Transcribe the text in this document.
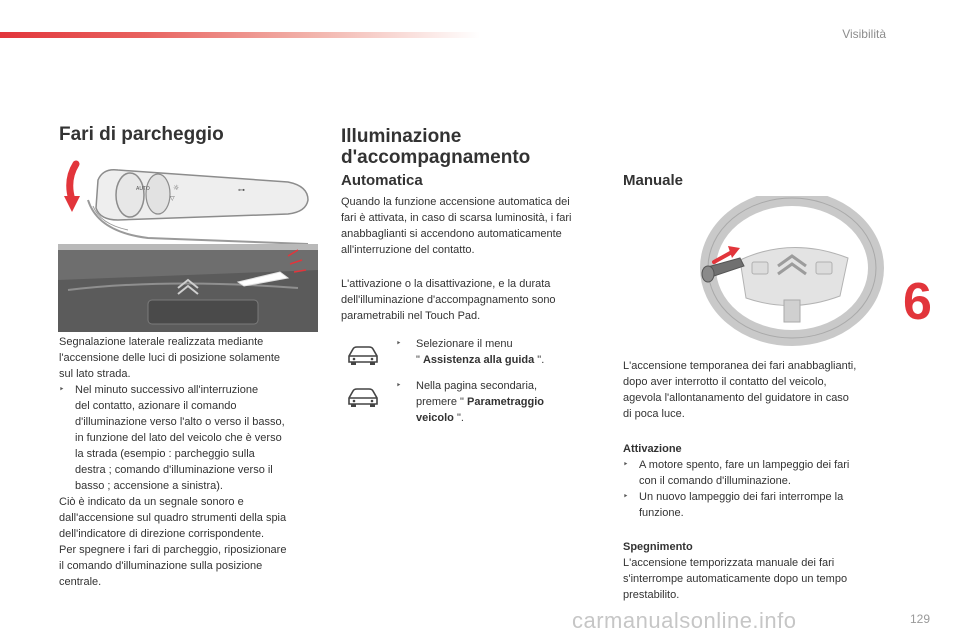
Visibilità
Fari di parcheggio
AUTO	☼
▽
⊶
Segnalazione laterale realizzata mediante
l'accensione delle luci di posizione solamente
sul lato strada.
‣ Nel minuto successivo all'interruzione
del contatto, azionare il comando
d'illuminazione verso l'alto o verso il basso,
in funzione del lato del veicolo che è verso
la strada (esempio : parcheggio sulla
destra ; comando d'illuminazione verso il
basso ; accensione a sinistra).
Ciò è indicato da un segnale sonoro e
dall'accensione sul quadro strumenti della spia
dell'indicatore di direzione corrispondente.
Per spegnere i fari di parcheggio, riposizionare
il comando d'illuminazione sulla posizione
centrale.
Illuminazione
d'accompagnamento
Automatica
Quando la funzione accensione automatica dei
fari è attivata, in caso di scarsa luminosità, i fari
anabbaglianti si accendono automaticamente
all'interruzione del contatto.
L'attivazione o la disattivazione, e la durata
dell'illuminazione d'accompagnamento sono
parametrabili nel Touch Pad.
‣ Selezionare il menu
" Assistenza alla guida ".
‣ Nella pagina secondaria,
premere " Parametraggio
veicolo ".
Manuale
6
L'accensione temporanea dei fari anabbaglianti,
dopo aver interrotto il contatto del veicolo,
agevola l'allontanamento del guidatore in caso
di poca luce.
Attivazione
‣ A motore spento, fare un lampeggio dei fari
con il comando d'illuminazione.
‣ Un nuovo lampeggio dei fari interrompe la
funzione.
Spegnimento
L'accensione temporizzata manuale dei fari
s'interrompe automaticamente dopo un tempo
prestabilito.
129
carmanualsonline.info
